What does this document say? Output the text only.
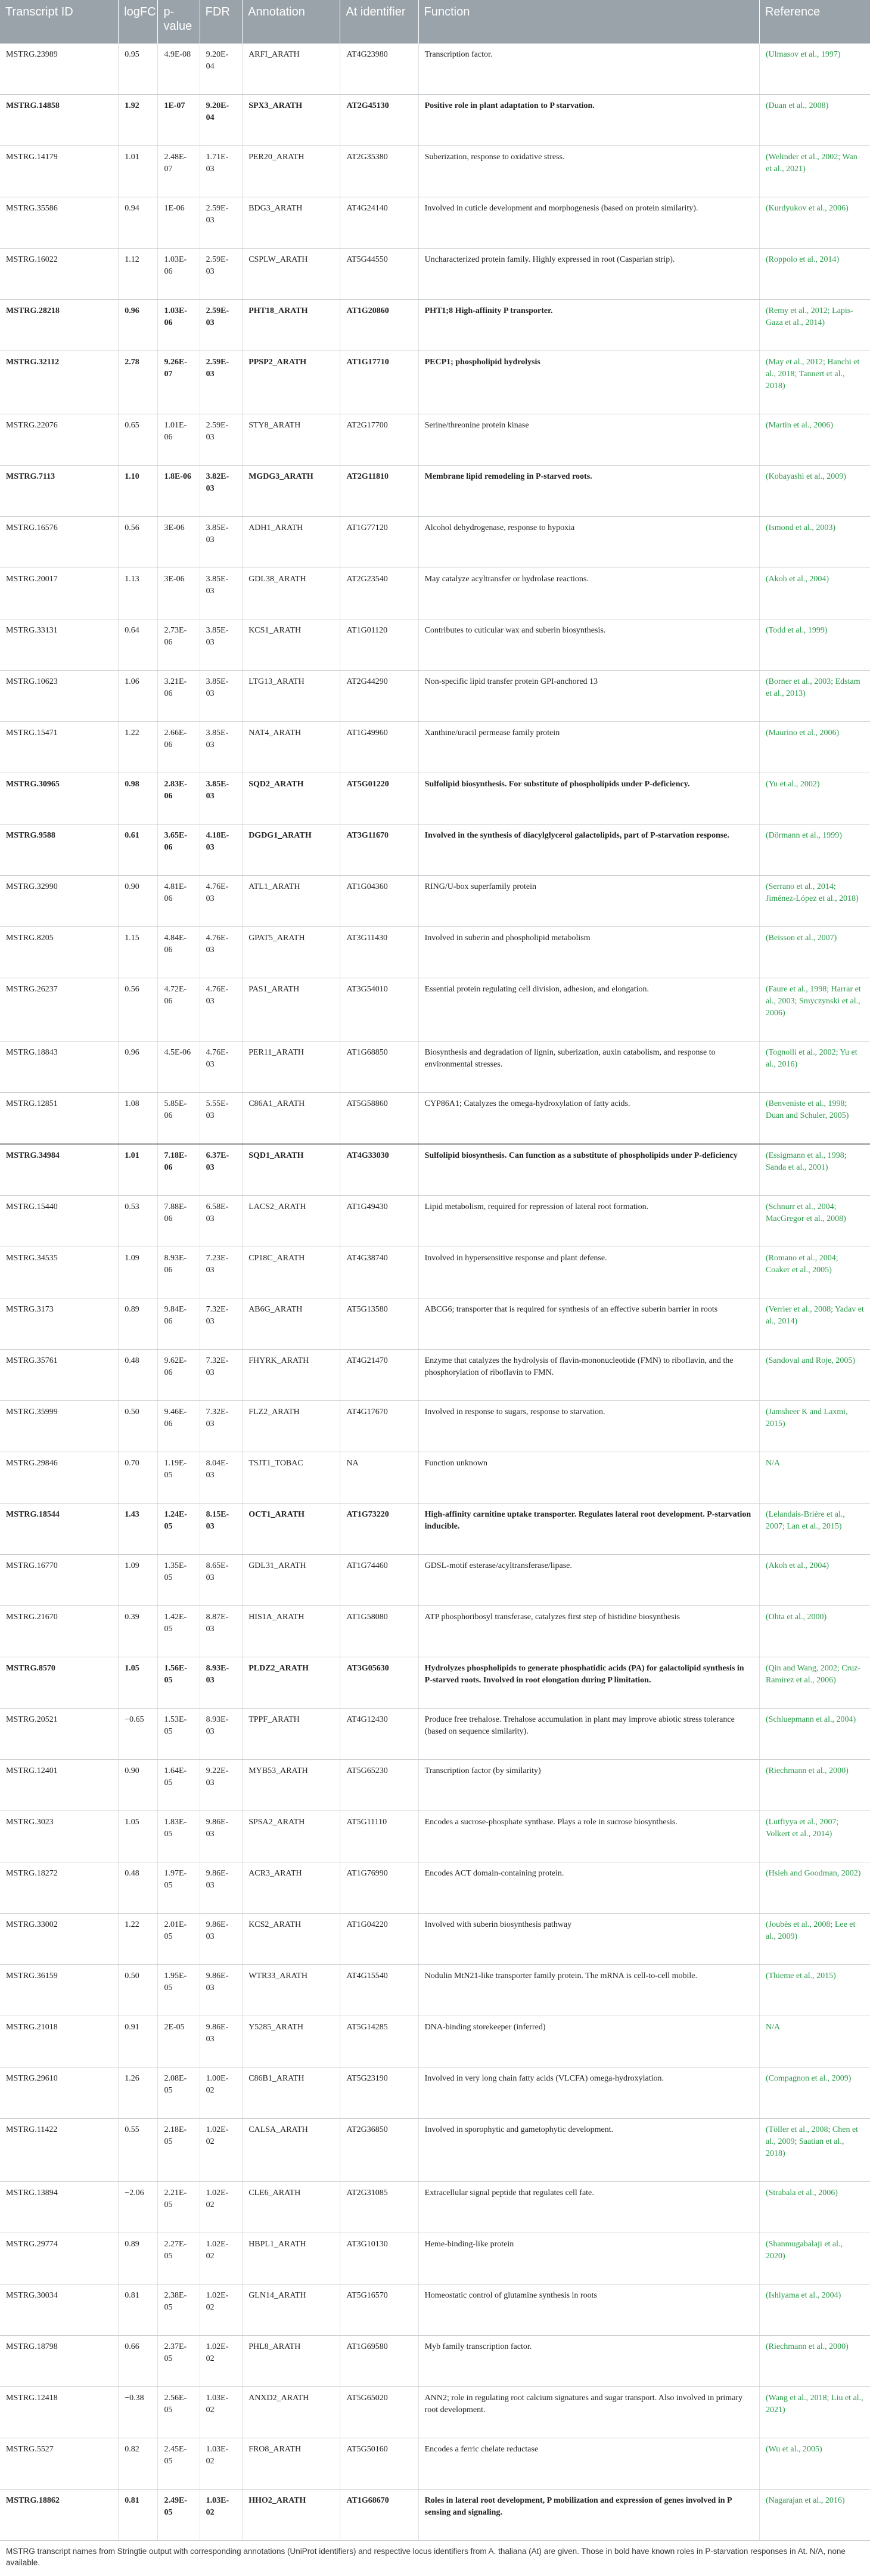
Transcript ID	logFC	p-value	FDR	Annotation	At identifier	Function	Reference
MSTRG.23989	0.95	4.9E-08	9.20E-04	ARFI_ARATH	AT4G23980	Transcription factor.	(Ulmasov et al., 1997)
MSTRG.14858	1.92	1E-07	9.20E-04	SPX3_ARATH	AT2G45130	Positive role in plant adaptation to P starvation.	(Duan et al., 2008)
MSTRG.14179	1.01	2.48E-07	1.71E-03	PER20_ARATH	AT2G35380	Suberization, response to oxidative stress.	(Welinder et al., 2002; Wan et al., 2021)
MSTRG.35586	0.94	1E-06	2.59E-03	BDG3_ARATH	AT4G24140	Involved in cuticle development and morphogenesis (based on protein similarity).	(Kurdyukov et al., 2006)
MSTRG.16022	1.12	1.03E-06	2.59E-03	CSPLW_ARATH	AT5G44550	Uncharacterized protein family. Highly expressed in root (Casparian strip).	(Roppolo et al., 2014)
MSTRG.28218	0.96	1.03E-06	2.59E-03	PHT18_ARATH	AT1G20860	PHT1;8 High-affinity P transporter.	(Remy et al., 2012; Lapis-Gaza et al., 2014)
MSTRG.32112	2.78	9.26E-07	2.59E-03	PPSP2_ARATH	AT1G17710	PECP1; phospholipid hydrolysis	(May et al., 2012; Hanchi et al., 2018; Tannert et al., 2018)
MSTRG.22076	0.65	1.01E-06	2.59E-03	STY8_ARATH	AT2G17700	Serine/threonine protein kinase	(Martin et al., 2006)
MSTRG.7113	1.10	1.8E-06	3.82E-03	MGDG3_ARATH	AT2G11810	Membrane lipid remodeling in P-starved roots.	(Kobayashi et al., 2009)
MSTRG.16576	0.56	3E-06	3.85E-03	ADH1_ARATH	AT1G77120	Alcohol dehydrogenase, response to hypoxia	(Ismond et al., 2003)
MSTRG.20017	1.13	3E-06	3.85E-03	GDL38_ARATH	AT2G23540	May catalyze acyltransfer or hydrolase reactions.	(Akoh et al., 2004)
MSTRG.33131	0.64	2.73E-06	3.85E-03	KCS1_ARATH	AT1G01120	Contributes to cuticular wax and suberin biosynthesis.	(Todd et al., 1999)
MSTRG.10623	1.06	3.21E-06	3.85E-03	LTG13_ARATH	AT2G44290	Non-specific lipid transfer protein GPI-anchored 13	(Borner et al., 2003; Edstam et al., 2013)
MSTRG.15471	1.22	2.66E-06	3.85E-03	NAT4_ARATH	AT1G49960	Xanthine/uracil permease family protein	(Maurino et al., 2006)
MSTRG.30965	0.98	2.83E-06	3.85E-03	SQD2_ARATH	AT5G01220	Sulfolipid biosynthesis. For substitute of phospholipids under P-deficiency.	(Yu et al., 2002)
MSTRG.9588	0.61	3.65E-06	4.18E-03	DGDG1_ARATH	AT3G11670	Involved in the synthesis of diacylglycerol galactolipids, part of P-starvation response.	(Dörmann et al., 1999)
MSTRG.32990	0.90	4.81E-06	4.76E-03	ATL1_ARATH	AT1G04360	RING/U-box superfamily protein	(Serrano et al., 2014; Jiménez-López et al., 2018)
MSTRG.8205	1.15	4.84E-06	4.76E-03	GPAT5_ARATH	AT3G11430	Involved in suberin and phospholipid metabolism	(Beisson et al., 2007)
MSTRG.26237	0.56	4.72E-06	4.76E-03	PAS1_ARATH	AT3G54010	Essential protein regulating cell division, adhesion, and elongation.	(Faure et al., 1998; Harrar et al., 2003; Smyczynski et al., 2006)
MSTRG.18843	0.96	4.5E-06	4.76E-03	PER11_ARATH	AT1G68850	Biosynthesis and degradation of lignin, suberization, auxin catabolism, and response to environmental stresses.	(Tognolli et al., 2002; Yu et al., 2016)
MSTRG.12851	1.08	5.85E-06	5.55E-03	C86A1_ARATH	AT5G58860	CYP86A1; Catalyzes the omega-hydroxylation of fatty acids.	(Benveniste et al., 1998; Duan and Schuler, 2005)
MSTRG.34984	1.01	7.18E-06	6.37E-03	SQD1_ARATH	AT4G33030	Sulfolipid biosynthesis. Can function as a substitute of phospholipids under P-deficiency	(Essigmann et al., 1998; Sanda et al., 2001)
MSTRG.15440	0.53	7.88E-06	6.58E-03	LACS2_ARATH	AT1G49430	Lipid metabolism, required for repression of lateral root formation.	(Schnurr et al., 2004; MacGregor et al., 2008)
MSTRG.34535	1.09	8.93E-06	7.23E-03	CP18C_ARATH	AT4G38740	Involved in hypersensitive response and plant defense.	(Romano et al., 2004; Coaker et al., 2005)
MSTRG.3173	0.89	9.84E-06	7.32E-03	AB6G_ARATH	AT5G13580	ABCG6; transporter that is required for synthesis of an effective suberin barrier in roots	(Verrier et al., 2008; Yadav et al., 2014)
MSTRG.35761	0.48	9.62E-06	7.32E-03	FHYRK_ARATH	AT4G21470	Enzyme that catalyzes the hydrolysis of flavin-mononucleotide (FMN) to riboflavin, and the phosphorylation of riboflavin to FMN.	(Sandoval and Roje, 2005)
MSTRG.35999	0.50	9.46E-06	7.32E-03	FLZ2_ARATH	AT4G17670	Involved in response to sugars, response to starvation.	(Jamsheer K and Laxmi, 2015)
MSTRG.29846	0.70	1.19E-05	8.04E-03	TSJT1_TOBAC	NA	Function unknown	N/A
MSTRG.18544	1.43	1.24E-05	8.15E-03	OCT1_ARATH	AT1G73220	High-affinity carnitine uptake transporter. Regulates lateral root development. P-starvation inducible.	(Lelandais-Brière et al., 2007; Lan et al., 2015)
MSTRG.16770	1.09	1.35E-05	8.65E-03	GDL31_ARATH	AT1G74460	GDSL-motif esterase/acyltransferase/lipase.	(Akoh et al., 2004)
MSTRG.21670	0.39	1.42E-05	8.87E-03	HIS1A_ARATH	AT1G58080	ATP phosphoribosyl transferase, catalyzes first step of histidine biosynthesis	(Ohta et al., 2000)
MSTRG.8570	1.05	1.56E-05	8.93E-03	PLDZ2_ARATH	AT3G05630	Hydrolyzes phospholipids to generate phosphatidic acids (PA) for galactolipid synthesis in P-starved roots. Involved in root elongation during P limitation.	(Qin and Wang, 2002; Cruz-Ramirez et al., 2006)
MSTRG.20521	−0.65	1.53E-05	8.93E-03	TPPF_ARATH	AT4G12430	Produce free trehalose. Trehalose accumulation in plant may improve abiotic stress tolerance (based on sequence similarity).	(Schluepmann et al., 2004)
MSTRG.12401	0.90	1.64E-05	9.22E-03	MYB53_ARATH	AT5G65230	Transcription factor (by similarity)	(Riechmann et al., 2000)
MSTRG.3023	1.05	1.83E-05	9.86E-03	SPSA2_ARATH	AT5G11110	Encodes a sucrose-phosphate synthase. Plays a role in sucrose biosynthesis.	(Lutfiyya et al., 2007; Volkert et al., 2014)
MSTRG.18272	0.48	1.97E-05	9.86E-03	ACR3_ARATH	AT1G76990	Encodes ACT domain-containing protein.	(Hsieh and Goodman, 2002)
MSTRG.33002	1.22	2.01E-05	9.86E-03	KCS2_ARATH	AT1G04220	Involved with suberin biosynthesis pathway	(Joubès et al., 2008; Lee et al., 2009)
MSTRG.36159	0.50	1.95E-05	9.86E-03	WTR33_ARATH	AT4G15540	Nodulin MtN21-like transporter family protein. The mRNA is cell-to-cell mobile.	(Thieme et al., 2015)
MSTRG.21018	0.91	2E-05	9.86E-03	Y5285_ARATH	AT5G14285	DNA-binding storekeeper (inferred)	N/A
MSTRG.29610	1.26	2.08E-05	1.00E-02	C86B1_ARATH	AT5G23190	Involved in very long chain fatty acids (VLCFA) omega-hydroxylation.	(Compagnon et al., 2009)
MSTRG.11422	0.55	2.18E-05	1.02E-02	CALSA_ARATH	AT2G36850	Involved in sporophytic and gametophytic development.	(Töller et al., 2008; Chen et al., 2009; Saatian et al., 2018)
MSTRG.13894	−2.06	2.21E-05	1.02E-02	CLE6_ARATH	AT2G31085	Extracellular signal peptide that regulates cell fate.	(Strabala et al., 2006)
MSTRG.29774	0.89	2.27E-05	1.02E-02	HBPL1_ARATH	AT3G10130	Heme-binding-like protein	(Shanmugabalaji et al., 2020)
MSTRG.30034	0.81	2.38E-05	1.02E-02	GLN14_ARATH	AT5G16570	Homeostatic control of glutamine synthesis in roots	(Ishiyama et al., 2004)
MSTRG.18798	0.66	2.37E-05	1.02E-02	PHL8_ARATH	AT1G69580	Myb family transcription factor.	(Riechmann et al., 2000)
MSTRG.12418	−0.38	2.56E-05	1.03E-02	ANXD2_ARATH	AT5G65020	ANN2; role in regulating root calcium signatures and sugar transport. Also involved in primary root development.	(Wang et al., 2018; Liu et al., 2021)
MSTRG.5527	0.82	2.45E-05	1.03E-02	FRO8_ARATH	AT5G50160	Encodes a ferric chelate reductase	(Wu et al., 2005)
MSTRG.18862	0.81	2.49E-05	1.03E-02	HHO2_ARATH	AT1G68670	Roles in lateral root development, P mobilization and expression of genes involved in P sensing and signaling.	(Nagarajan et al., 2016)
MSTRG transcript names from Stringtie output with corresponding annotations (UniProt identifiers) and respective locus identifiers from A. thaliana (At) are given. Those in bold have known roles in P-starvation responses in At. N/A, none available.
